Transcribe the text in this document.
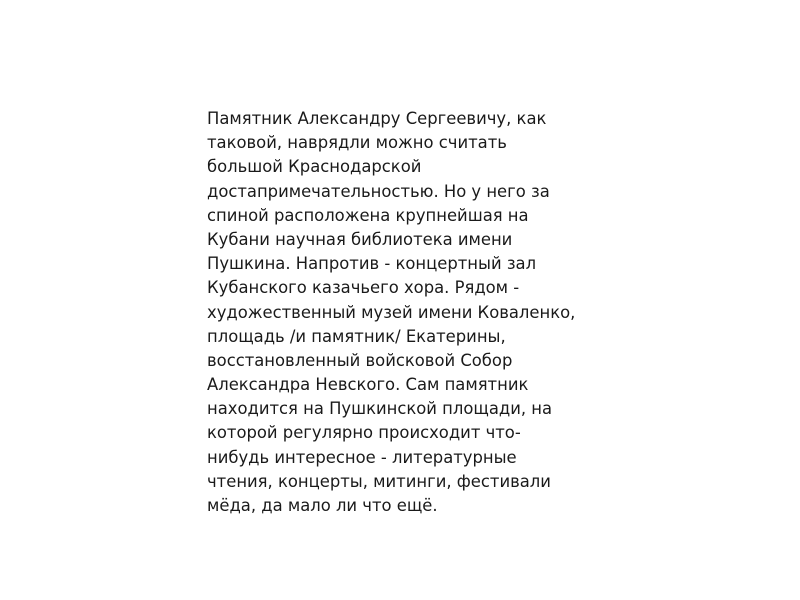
Памятник Александру Сергеевичу, как
таковой, наврядли можно считать
большой Краснодарской
достапримечательностью. Но у него за
спиной расположена крупнейшая на
Кубани научная библиотека имени
Пушкина. Напротив - концертный зал
Кубанского казачьего хора. Рядом -
художественный музей имени Коваленко,
площадь /и памятник/ Екатерины,
восстановленный войсковой Собор
Александра Невского. Сам памятник
находится на Пушкинской площади, на
которой регулярно происходит что-
нибудь интересное - литературные
чтения, концерты, митинги, фестивали
мёда, да мало ли что ещё.
